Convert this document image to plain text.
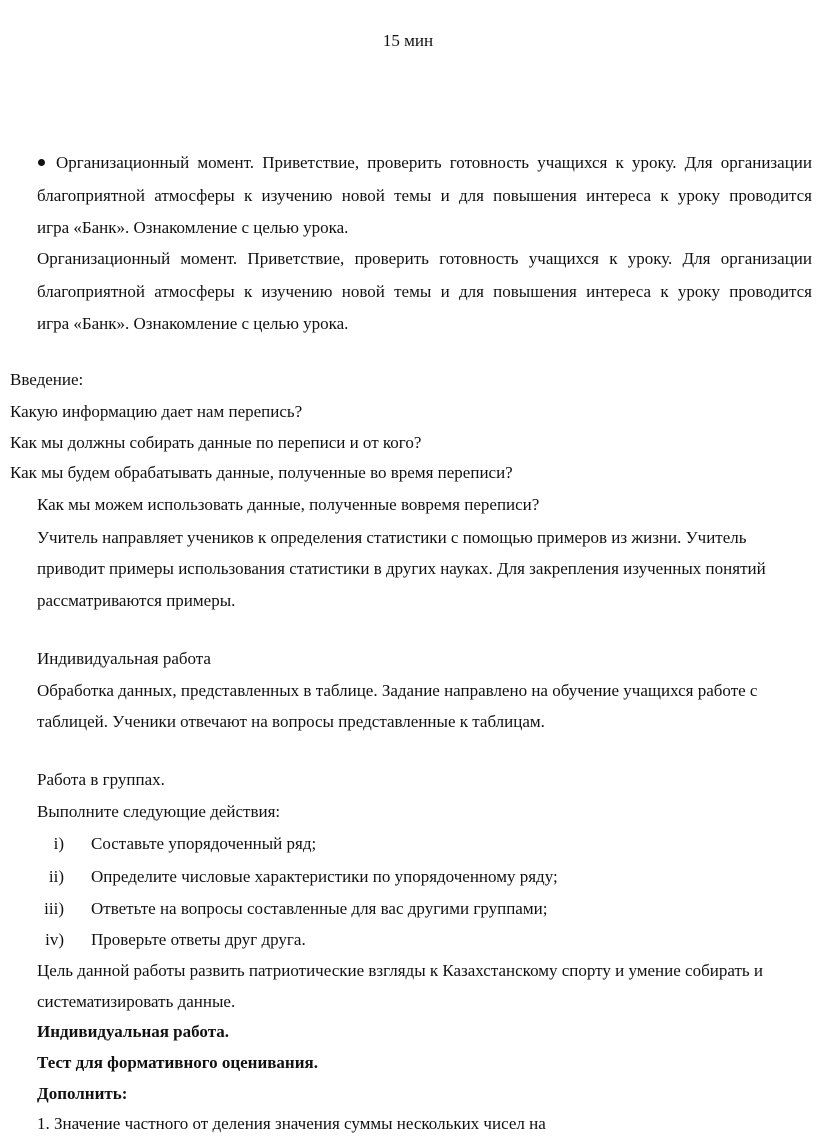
15 мин
Организационный момент. Приветствие, проверить готовность учащихся к уроку. Для организации
благоприятной атмосферы к изучению новой темы и для повышения интереса к уроку проводится
игра «Банк». Ознакомление с целью урока.
Организационный момент. Приветствие, проверить готовность учащихся к уроку. Для организации
благоприятной атмосферы к изучению новой темы и для повышения интереса к уроку проводится
игра «Банк». Ознакомление с целью урока.
Введение:
Какую информацию дает нам перепись?
Как мы должны собирать данные по переписи и от кого?
Как мы будем обрабатывать данные, полученные во время переписи?
Как мы можем использовать данные, полученные вовремя переписи?
Учитель направляет учеников к определения статистики с помощью примеров из жизни. Учитель
приводит примеры использования статистики в других науках. Для закрепления изученных понятий
рассматриваются примеры.
Индивидуальная работа
Обработка данных, представленных в таблице. Задание направлено на обучение учащихся работе с
таблицей. Ученики отвечают на вопросы представленные к таблицам.
Работа в группах.
Выполните следующие действия:
i) Составьте упорядоченный ряд;
ii) Определите числовые характеристики по упорядоченному ряду;
iii) Ответьте на вопросы составленные для вас другими группами;
iv) Проверьте ответы друг друга.
Цель данной работы развить патриотические взгляды к Казахстанскому спорту и умение собирать и
систематизировать данные.
Индивидуальная работа.
Тест для формативного оценивания.
Дополнить:
1. Значение частного от деления значения суммы нескольких чисел на
